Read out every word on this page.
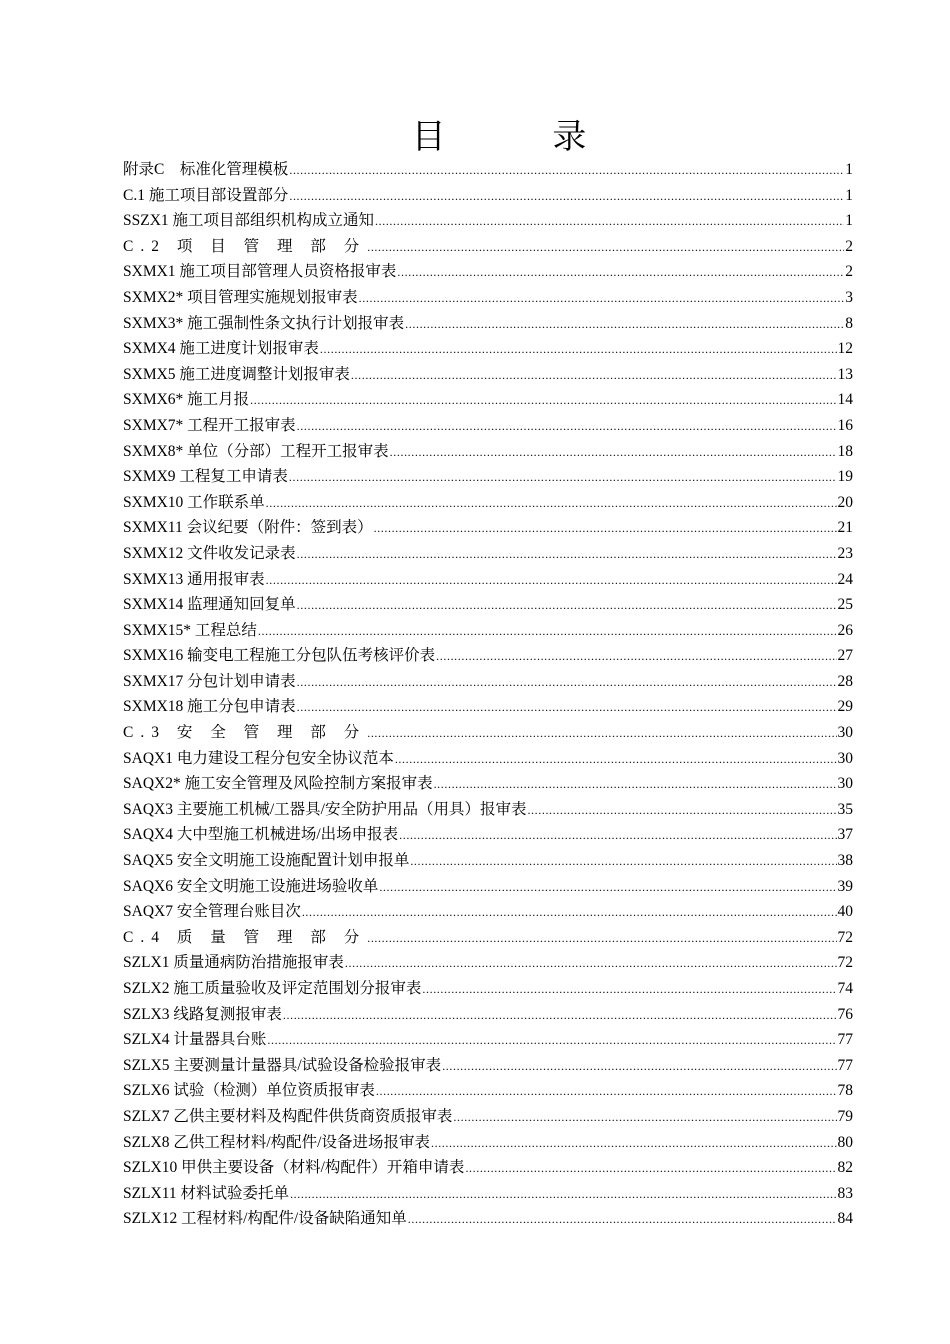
目 录
附录C　标准化管理模板 .....	1
C.1 施工项目部设置部分 .....	1
SSZX1 施工项目部组织机构成立通知 .....	1
C.2 项 目 管 理 部 分 .....	2
SXMX1 施工项目部管理人员资格报审表 .....	2
SXMX2* 项目管理实施规划报审表 .....	3
SXMX3* 施工强制性条文执行计划报审表 .....	8
SXMX4 施工进度计划报审表 .....	12
SXMX5 施工进度调整计划报审表 .....	13
SXMX6* 施工月报 .....	14
SXMX7* 工程开工报审表 .....	16
SXMX8* 单位（分部）工程开工报审表 .....	18
SXMX9 工程复工申请表 .....	19
SXMX10 工作联系单 .....	20
SXMX11 会议纪要（附件：签到表） .....	21
SXMX12 文件收发记录表 .....	23
SXMX13 通用报审表 .....	24
SXMX14 监理通知回复单 .....	25
SXMX15* 工程总结 .....	26
SXMX16 输变电工程施工分包队伍考核评价表 .....	27
SXMX17 分包计划申请表 .....	28
SXMX18 施工分包申请表 .....	29
C.3 安 全 管 理 部 分 .....	30
SAQX1 电力建设工程分包安全协议范本 .....	30
SAQX2* 施工安全管理及风险控制方案报审表 .....	30
SAQX3 主要施工机械/工器具/安全防护用品（用具）报审表 .....	35
SAQX4 大中型施工机械进场/出场申报表 .....	37
SAQX5 安全文明施工设施配置计划申报单 .....	38
SAQX6 安全文明施工设施进场验收单 .....	39
SAQX7 安全管理台账目次 .....	40
C.4 质 量 管 理 部 分 .....	72
SZLX1 质量通病防治措施报审表 .....	72
SZLX2 施工质量验收及评定范围划分报审表 .....	74
SZLX3 线路复测报审表 .....	76
SZLX4 计量器具台账 .....	77
SZLX5 主要测量计量器具/试验设备检验报审表 .....	77
SZLX6 试验（检测）单位资质报审表 .....	78
SZLX7 乙供主要材料及构配件供货商资质报审表 .....	79
SZLX8 乙供工程材料/构配件/设备进场报审表 .....	80
SZLX10 甲供主要设备（材料/构配件）开箱申请表 .....	82
SZLX11 材料试验委托单 .....	83
SZLX12 工程材料/构配件/设备缺陷通知单 .....	84
